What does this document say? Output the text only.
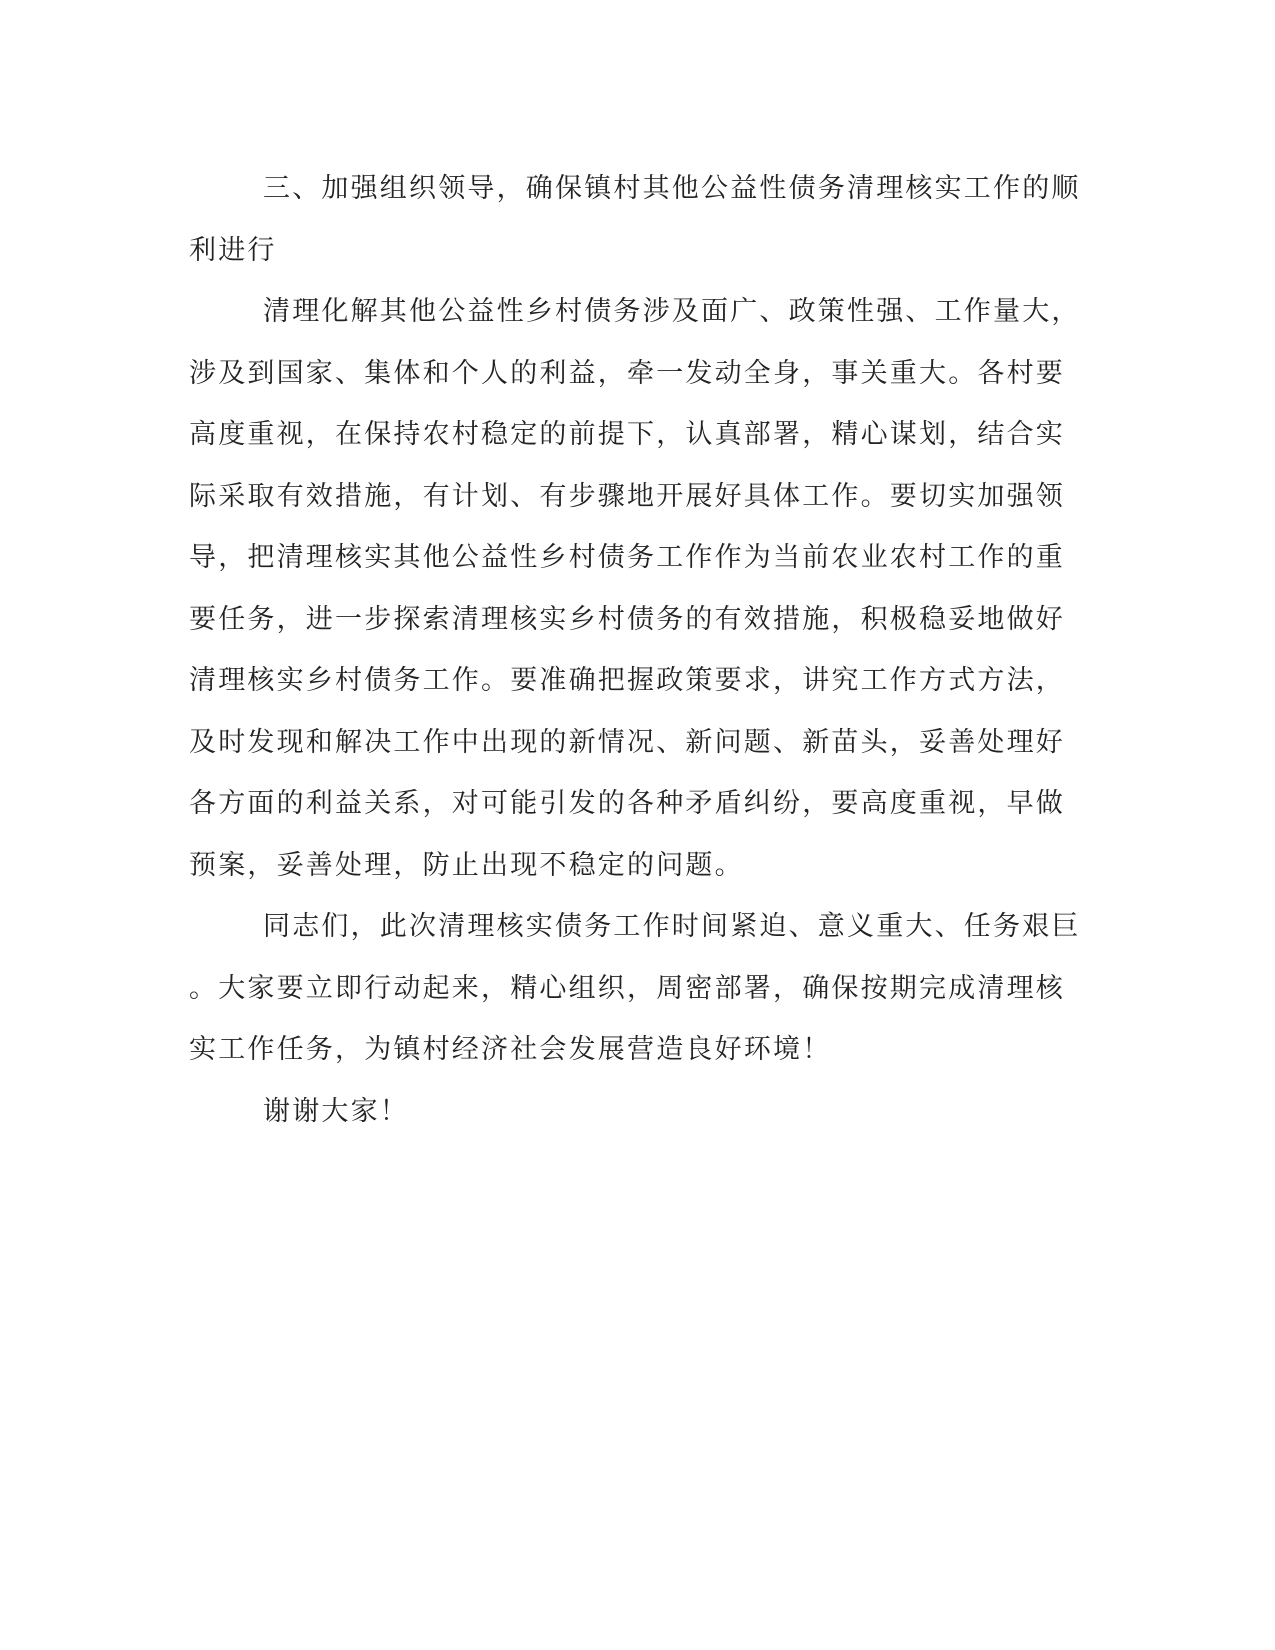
三、加强组织领导，确保镇村其他公益性债务清理核实工作的顺
利进行
清理化解其他公益性乡村债务涉及面广、政策性强、工作量大，
涉及到国家、集体和个人的利益，牵一发动全身，事关重大。各村要
高度重视，在保持农村稳定的前提下，认真部署，精心谋划，结合实
际采取有效措施，有计划、有步骤地开展好具体工作。要切实加强领
导，把清理核实其他公益性乡村债务工作作为当前农业农村工作的重
要任务，进一步探索清理核实乡村债务的有效措施，积极稳妥地做好
清理核实乡村债务工作。要准确把握政策要求，讲究工作方式方法，
及时发现和解决工作中出现的新情况、新问题、新苗头，妥善处理好
各方面的利益关系，对可能引发的各种矛盾纠纷，要高度重视，早做
预案，妥善处理，防止出现不稳定的问题。
同志们，此次清理核实债务工作时间紧迫、意义重大、任务艰巨
。大家要立即行动起来，精心组织，周密部署，确保按期完成清理核
实工作任务，为镇村经济社会发展营造良好环境！
谢谢大家！
